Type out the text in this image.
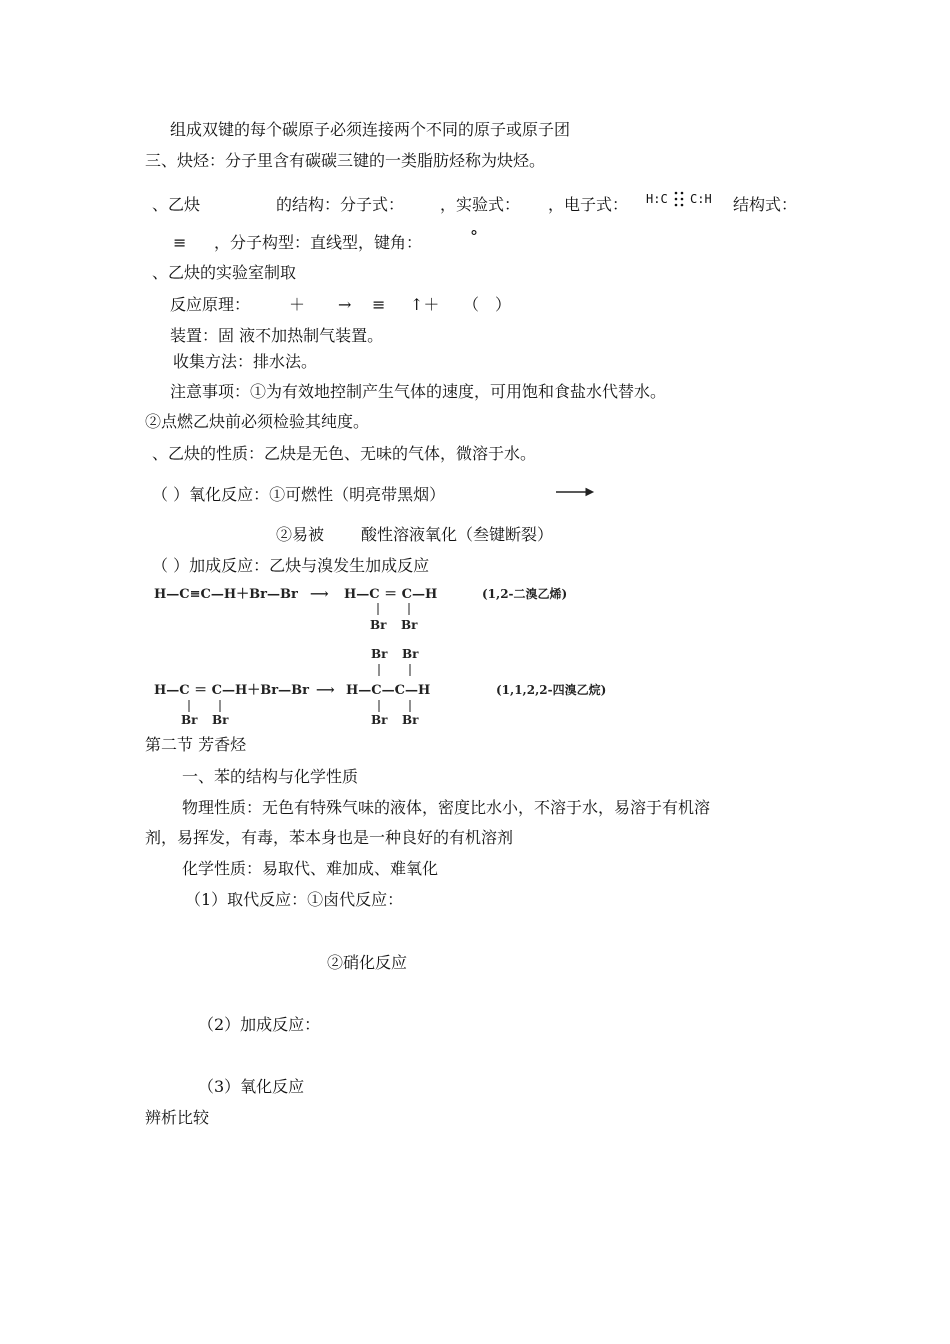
组成双键的每个碳原子必须连接两个不同的原子或原子团
三、炔烃：分子里含有碳碳三键的一类脂肪烃称为炔烃。
、乙炔	的结构：分子式： ，实验式： ，电子式： H:C C:H 结构式：
≡ ，分子构型：直线型，键角：	°
、乙炔的实验室制取
反应原理： ＋ → ≡ ↑＋ （　）
装置：固 液不加热制气装置。
收集方法：排水法。
注意事项：①为有效地控制产生气体的速度，可用饱和食盐水代替水。
②点燃乙炔前必须检验其纯度。
、乙炔的性质：乙炔是无色、无味的气体，微溶于水。
（ ）氧化反应：①可燃性（明亮带黑烟）
②易被 酸性溶液氧化（叁键断裂）
（ ）加成反应：乙炔与溴发生加成反应
H—C≡C—H＋Br—Br ⟶ H—C ＝ C—H
Br Br
(1,2-二溴乙烯)
Br Br
H—C ＝ C—H＋Br—Br ⟶ H—C—C—H
Br Br	Br Br
(1,1,2,2-四溴乙烷)
第二节 芳香烃
一、苯的结构与化学性质
物理性质：无色有特殊气味的液体，密度比水小，不溶于水，易溶于有机溶
剂，易挥发，有毒，苯本身也是一种良好的有机溶剂
化学性质：易取代、难加成、难氧化
（1）取代反应：①卤代反应：
②硝化反应
（2）加成反应：
（3）氧化反应
辨析比较
